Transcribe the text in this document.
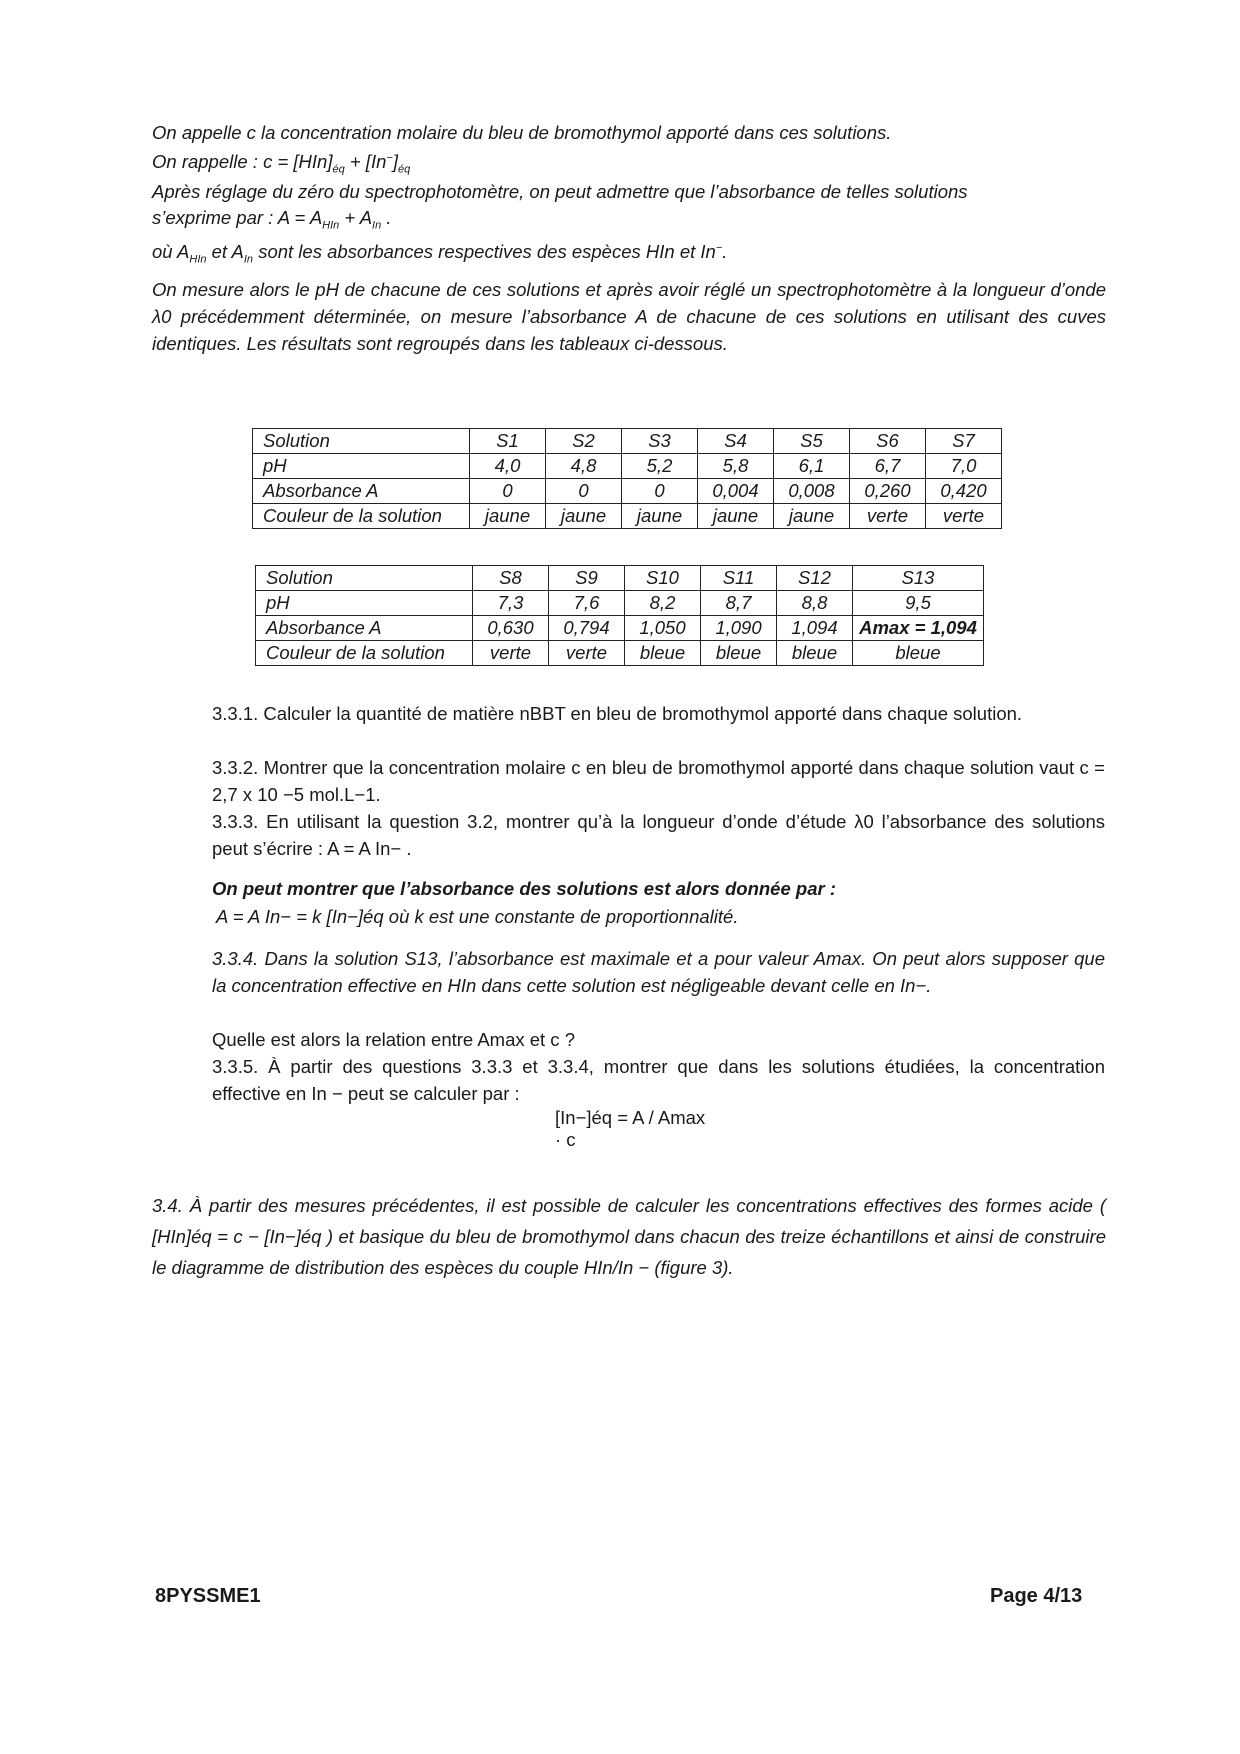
On appelle c la concentration molaire du bleu de bromothymol apporté dans ces solutions.
On rappelle : $c = [HIn]_{éq} + [In^-]_{éq}$
Après réglage du zéro du spectrophotomètre, on peut admettre que l’absorbance de telles solutions
s’exprime par : $A = A_{HIn} + A_{In}$ .
où $A_{HIn}$ et $A_{In}$ sont les absorbances respectives des espèces HIn et In−.
On mesure alors le pH de chacune de ces solutions et après avoir réglé un spectrophotomètre à la longueur d’onde λ0 précédemment déterminée, on mesure l’absorbance A de chacune de ces solutions en utilisant des cuves identiques. Les résultats sont regroupés dans les tableaux ci-dessous.
Solution	S1	S2	S3	S4	S5	S6	S7
pH	4,0	4,8	5,2	5,8	6,1	6,7	7,0
Absorbance A	0	0	0	0,004	0,008	0,260	0,420
Couleur de la solution	jaune	jaune	jaune	jaune	jaune	verte	verte
Solution	S8	S9	S10	S11	S12	S13
pH	7,3	7,6	8,2	8,7	8,8	9,5
Absorbance A	0,630	0,794	1,050	1,090	1,094	Amax = 1,094
Couleur de la solution	verte	verte	bleue	bleue	bleue	bleue
3.3.1. Calculer la quantité de matière nBBT en bleu de bromothymol apporté dans chaque solution.
3.3.2. Montrer que la concentration molaire c en bleu de bromothymol apporté dans chaque solution vaut c = 2,7 x 10 −5 mol.L−1.
3.3.3. En utilisant la question 3.2, montrer qu’à la longueur d’onde d’étude λ0 l’absorbance des solutions peut s’écrire : A = A In− .
On peut montrer que l’absorbance des solutions est alors donnée par :
A = A In− = k [In−]éq où k est une constante de proportionnalité.
3.3.4. Dans la solution S13, l’absorbance est maximale et a pour valeur Amax. On peut alors supposer que la concentration effective en HIn dans cette solution est négligeable devant celle en In−.
Quelle est alors la relation entre Amax et c ?
3.3.5. À partir des questions 3.3.3 et 3.3.4, montrer que dans les solutions étudiées, la concentration effective en In − peut se calculer par :
[In−]éq = A / Amax · c
3.4. À partir des mesures précédentes, il est possible de calculer les concentrations effectives des formes acide ( [HIn]éq = c − [In−]éq ) et basique du bleu de bromothymol dans chacun des treize échantillons et ainsi de construire le diagramme de distribution des espèces du couple HIn/In − (figure 3).
8PYSSME1	Page 4/13
